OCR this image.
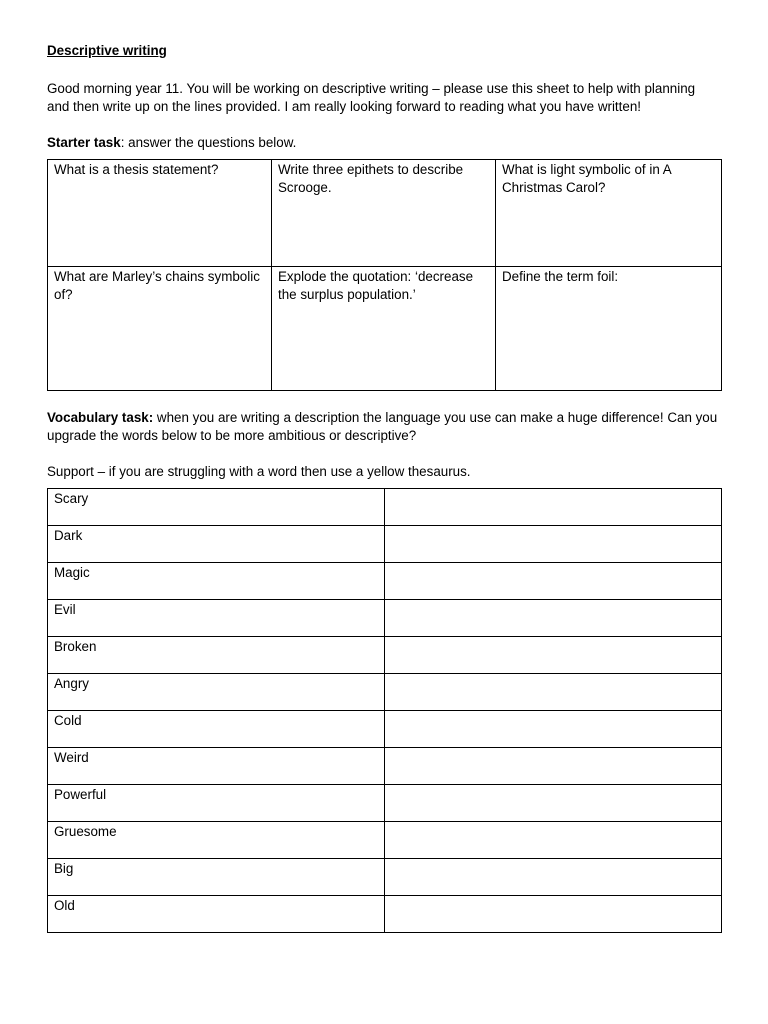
Descriptive writing
Good morning year 11. You will be working on descriptive writing – please use this sheet to help with planning and then write up on the lines provided. I am really looking forward to reading what you have written!
Starter task: answer the questions below.
What is a thesis statement?	Write three epithets to describe Scrooge.	What is light symbolic of in A Christmas Carol?
What are Marley’s chains symbolic of?	Explode the quotation: ‘decrease the surplus population.’	Define the term foil:
Vocabulary task: when you are writing a description the language you use can make a huge difference! Can you upgrade the words below to be more ambitious or descriptive?
Support – if you are struggling with a word then use a yellow thesaurus.
Scary	
Dark	
Magic	
Evil	
Broken	
Angry	
Cold	
Weird	
Powerful	
Gruesome	
Big	
Old	
